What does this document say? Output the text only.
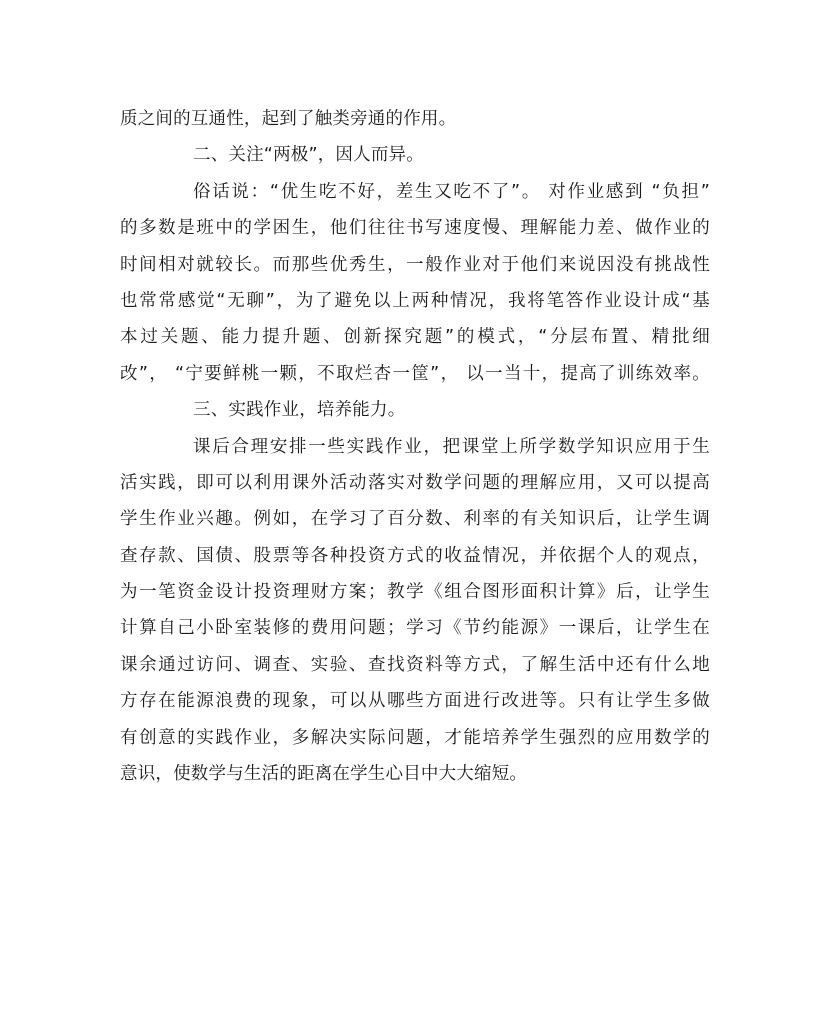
质之间的互通性，起到了触类旁通的作用。
二、关注“两极”，因人而异。
俗话说：“优生吃不好，差生又吃不了”。 对作业感到 “负担”
的多数是班中的学困生，他们往往书写速度慢、理解能力差、做作业的
时间相对就较长。而那些优秀生，一般作业对于他们来说因没有挑战性
也常常感觉“无聊”，为了避免以上两种情况，我将笔答作业设计成“基
本过关题、能力提升题、创新探究题”的模式，“分层布置、精批细
改”， “宁要鲜桃一颗，不取烂杏一筐”， 以一当十，提高了训练效率。
三、实践作业，培养能力。
课后合理安排一些实践作业，把课堂上所学数学知识应用于生
活实践，即可以利用课外活动落实对数学问题的理解应用，又可以提高
学生作业兴趣。例如，在学习了百分数、利率的有关知识后，让学生调
查存款、国债、股票等各种投资方式的收益情况，并依据个人的观点，
为一笔资金设计投资理财方案；教学《组合图形面积计算》后，让学生
计算自己小卧室装修的费用问题；学习《节约能源》一课后，让学生在
课余通过访问、调查、实验、查找资料等方式，了解生活中还有什么地
方存在能源浪费的现象，可以从哪些方面进行改进等。只有让学生多做
有创意的实践作业，多解决实际问题，才能培养学生强烈的应用数学的
意识，使数学与生活的距离在学生心目中大大缩短。
